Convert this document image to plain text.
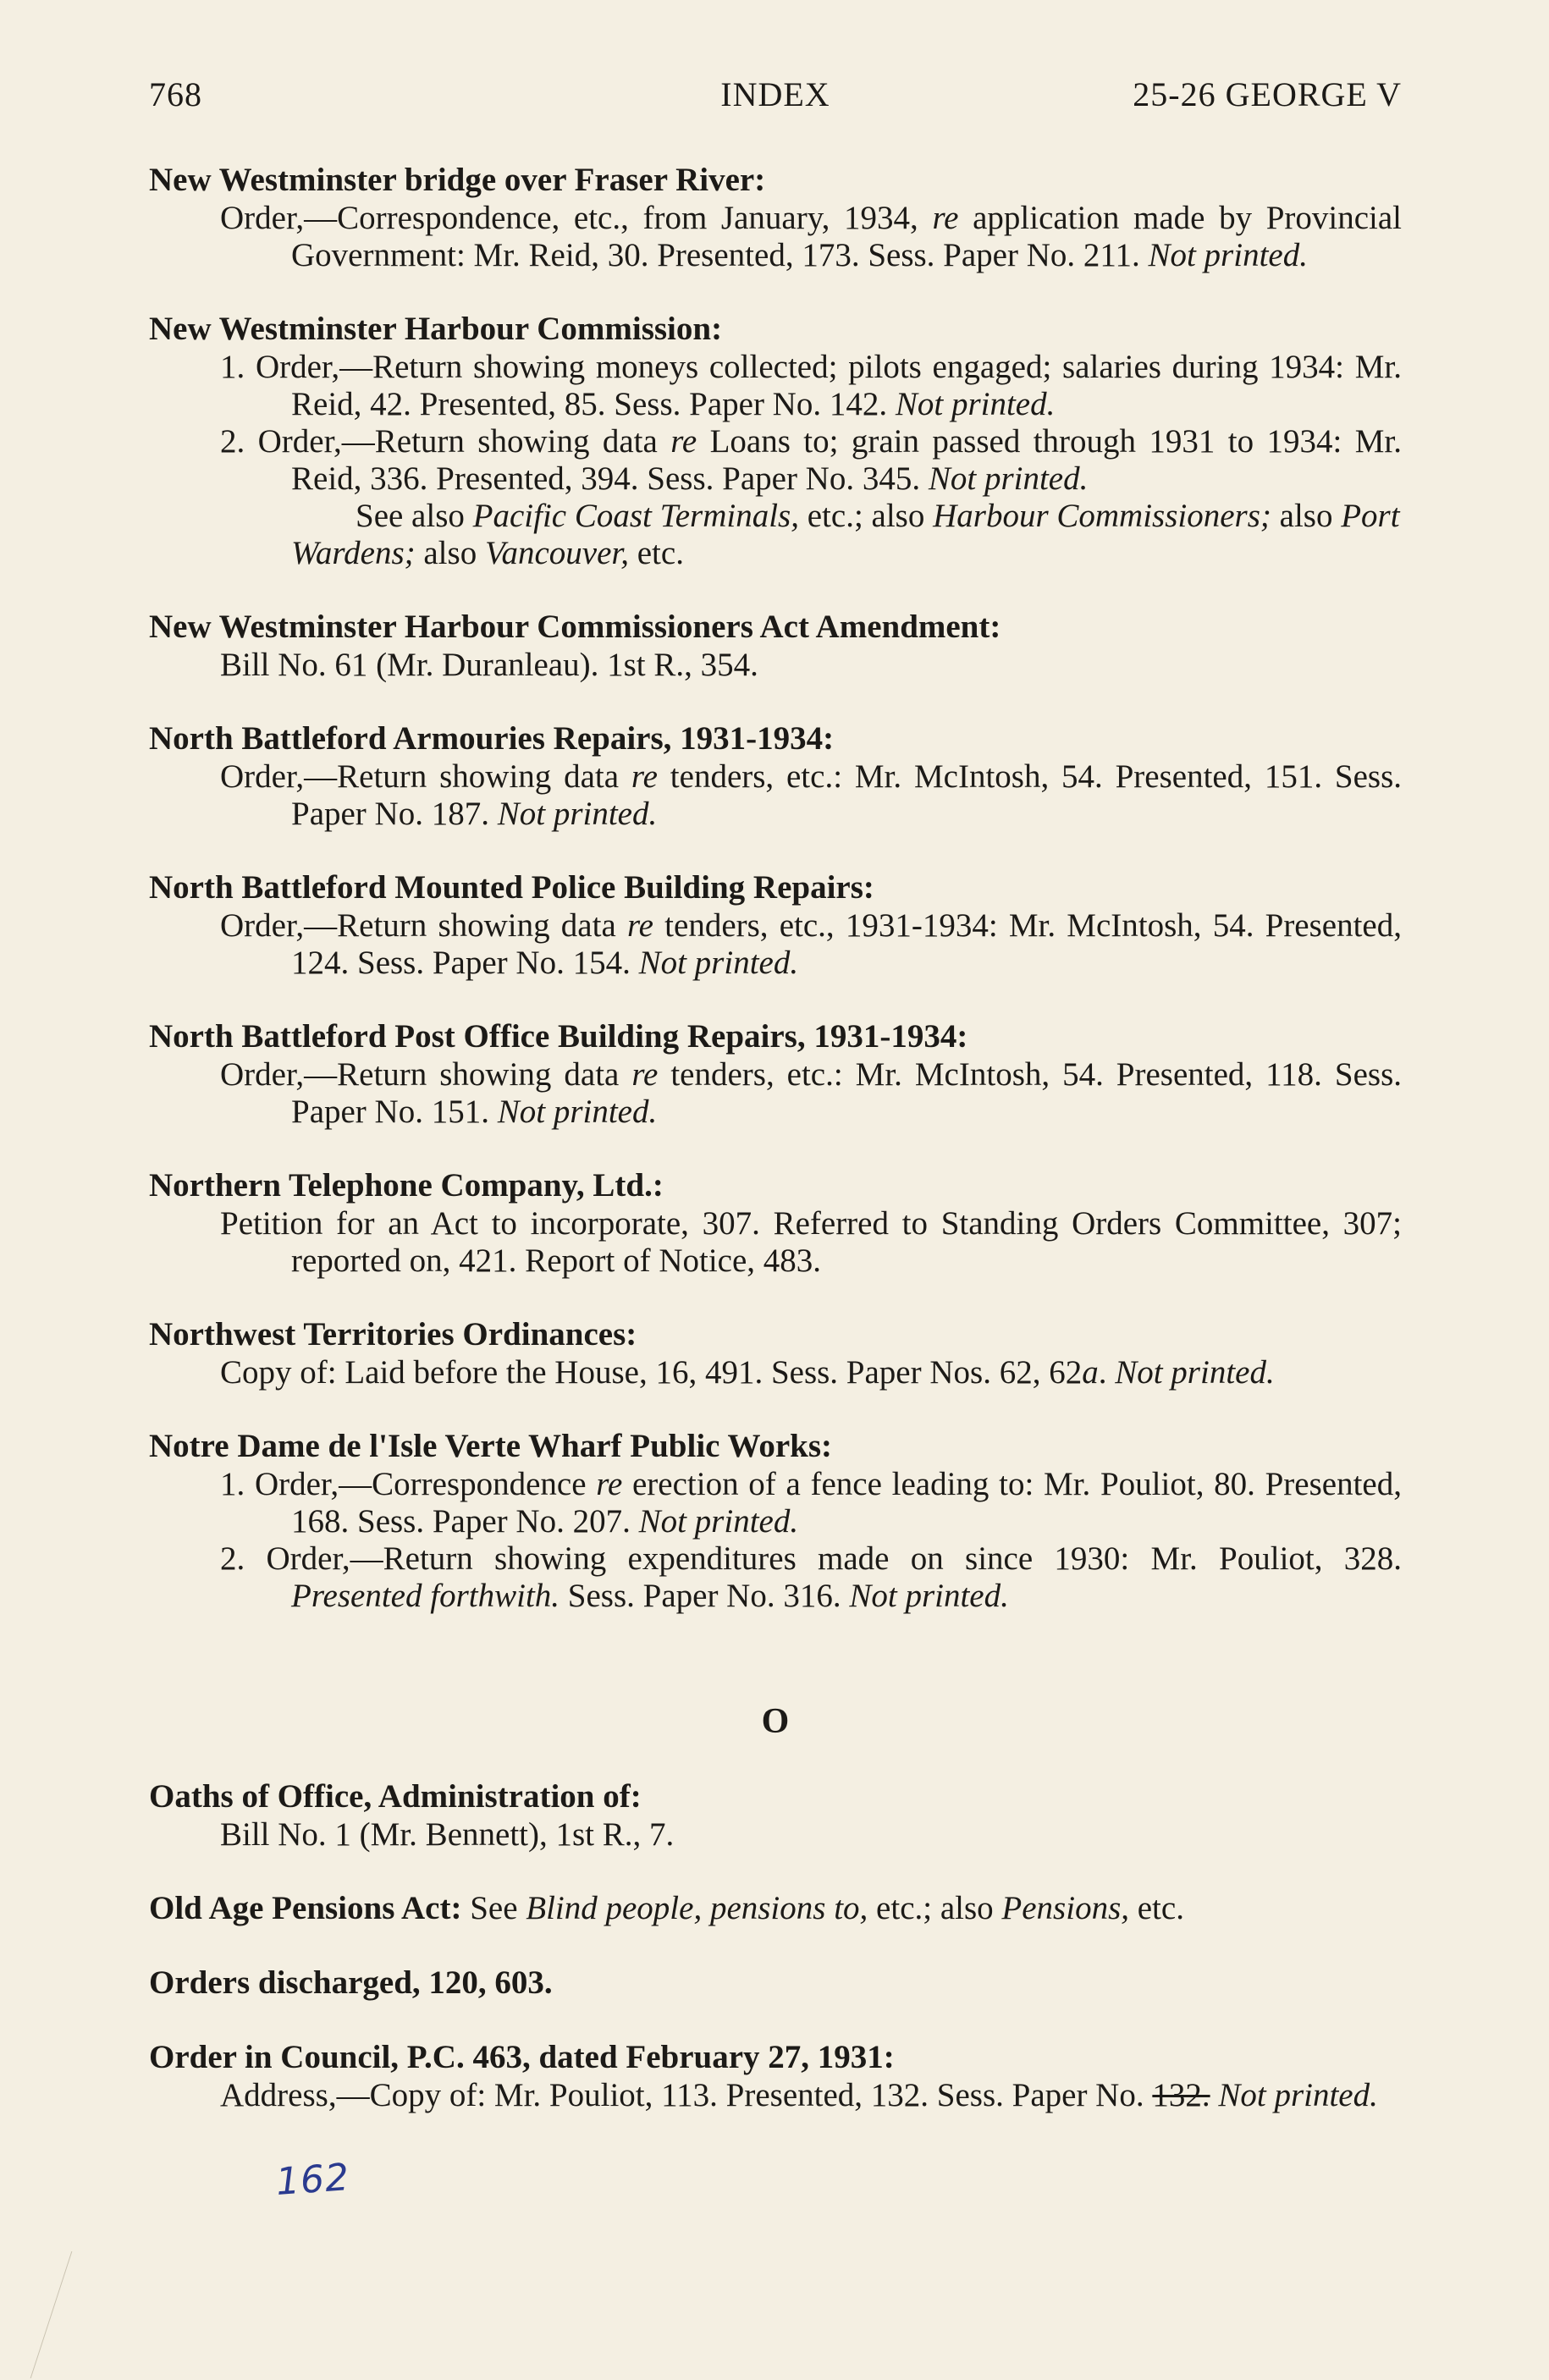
768	INDEX	25-26 GEORGE V
New Westminster bridge over Fraser River:
Order,—Correspondence, etc., from January, 1934, re application made by Provincial Government: Mr. Reid, 30. Presented, 173. Sess. Paper No. 211. Not printed.
New Westminster Harbour Commission:
1. Order,—Return showing moneys collected; pilots engaged; salaries during 1934: Mr. Reid, 42. Presented, 85. Sess. Paper No. 142. Not printed.
2. Order,—Return showing data re Loans to; grain passed through 1931 to 1934: Mr. Reid, 336. Presented, 394. Sess. Paper No. 345. Not printed.
See also Pacific Coast Terminals, etc.; also Harbour Commissioners; also Port Wardens; also Vancouver, etc.
New Westminster Harbour Commissioners Act Amendment:
Bill No. 61 (Mr. Duranleau). 1st R., 354.
North Battleford Armouries Repairs, 1931-1934:
Order,—Return showing data re tenders, etc.: Mr. McIntosh, 54. Presented, 151. Sess. Paper No. 187. Not printed.
North Battleford Mounted Police Building Repairs:
Order,—Return showing data re tenders, etc., 1931-1934: Mr. McIntosh, 54. Presented, 124. Sess. Paper No. 154. Not printed.
North Battleford Post Office Building Repairs, 1931-1934:
Order,—Return showing data re tenders, etc.: Mr. McIntosh, 54. Presented, 118. Sess. Paper No. 151. Not printed.
Northern Telephone Company, Ltd.:
Petition for an Act to incorporate, 307. Referred to Standing Orders Committee, 307; reported on, 421. Report of Notice, 483.
Northwest Territories Ordinances:
Copy of: Laid before the House, 16, 491. Sess. Paper Nos. 62, 62a. Not printed.
Notre Dame de l'Isle Verte Wharf Public Works:
1. Order,—Correspondence re erection of a fence leading to: Mr. Pouliot, 80. Presented, 168. Sess. Paper No. 207. Not printed.
2. Order,—Return showing expenditures made on since 1930: Mr. Pouliot, 328. Presented forthwith. Sess. Paper No. 316. Not printed.
O
Oaths of Office, Administration of:
Bill No. 1 (Mr. Bennett), 1st R., 7.
Old Age Pensions Act: See Blind people, pensions to, etc.; also Pensions, etc.
Orders discharged, 120, 603.
Order in Council, P.C. 463, dated February 27, 1931:
Address,—Copy of: Mr. Pouliot, 113. Presented, 132. Sess. Paper No. 132. Not printed.
162
